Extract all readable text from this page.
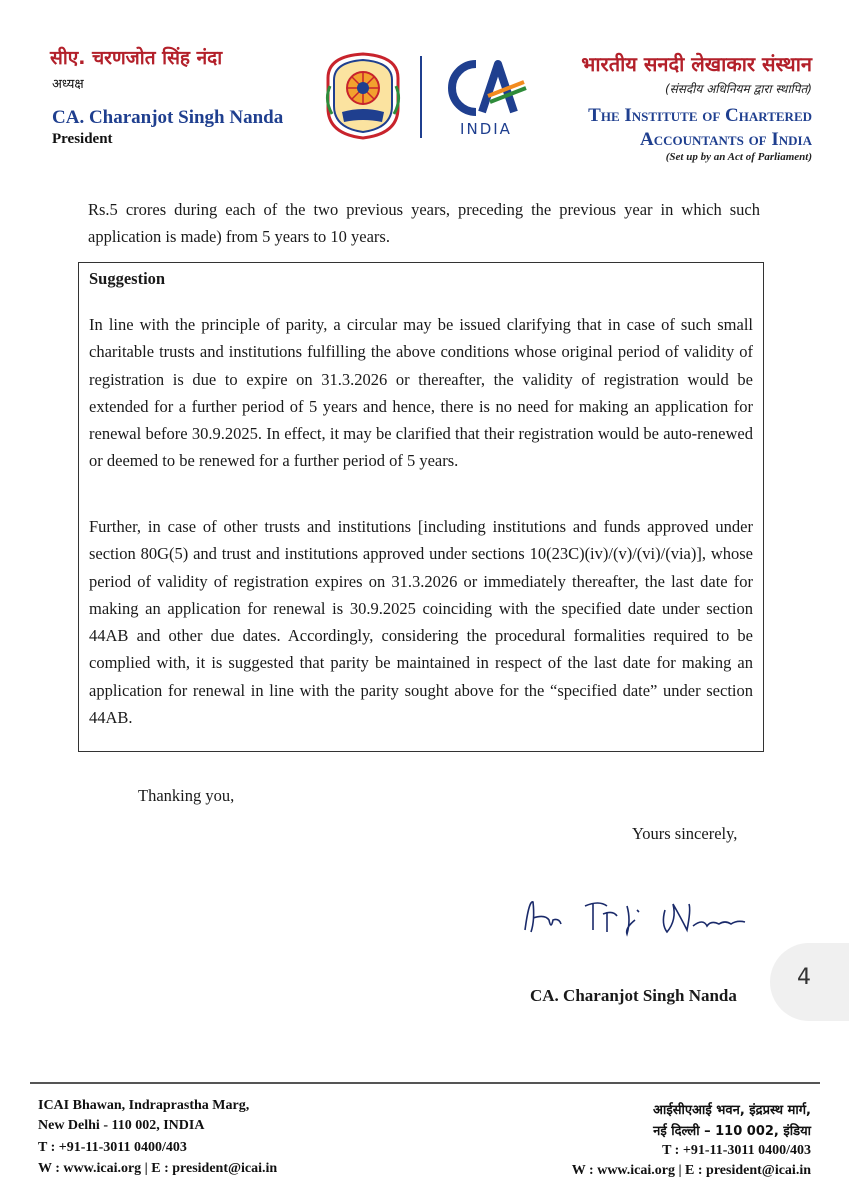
सीए. चरणजोत सिंह नंदा
अध्यक्ष
CA. Charanjot Singh Nanda
President
INDIA
भारतीय सनदी लेखाकार संस्थान
(संसदीय अधिनियम द्वारा स्थापित)
The Institute of Chartered
Accountants of India
(Set up by an Act of Parliament)
Rs.5 crores during each of the two previous years, preceding the previous year in which such application is made) from 5 years to 10 years.
Suggestion
In line with the principle of parity, a circular may be issued clarifying that in case of such small charitable trusts and institutions fulfilling the above conditions whose original period of validity of registration is due to expire on 31.3.2026 or thereafter, the validity of registration would be extended for a further period of 5 years and hence, there is no need for making an application for renewal before 30.9.2025. In effect, it may be clarified that their registration would be auto-renewed or deemed to be renewed for a further period of 5 years.
Further, in case of other trusts and institutions [including institutions and funds approved under section 80G(5) and trust and institutions approved under sections 10(23C)(iv)/(v)/(vi)/(via)], whose period of validity of registration expires on 31.3.2026 or immediately thereafter, the last date for making an application for renewal is 30.9.2025 coinciding with the specified date under section 44AB and other due dates. Accordingly, considering the procedural formalities required to be complied with, it is suggested that parity be maintained in respect of the last date for making an application for renewal in line with the parity sought above for the “specified date” under section 44AB.
Thanking you,
Yours sincerely,
CA. Charanjot Singh Nanda
4
ICAI Bhawan, Indraprastha Marg,
New Delhi - 110 002, INDIA
T : +91-11-3011 0400/403
W : www.icai.org | E : president@icai.in
आईसीएआई भवन, इंद्रप्रस्थ मार्ग,
नई दिल्ली – 110 002, इंडिया
T : +91-11-3011 0400/403
W : www.icai.org | E : president@icai.in
